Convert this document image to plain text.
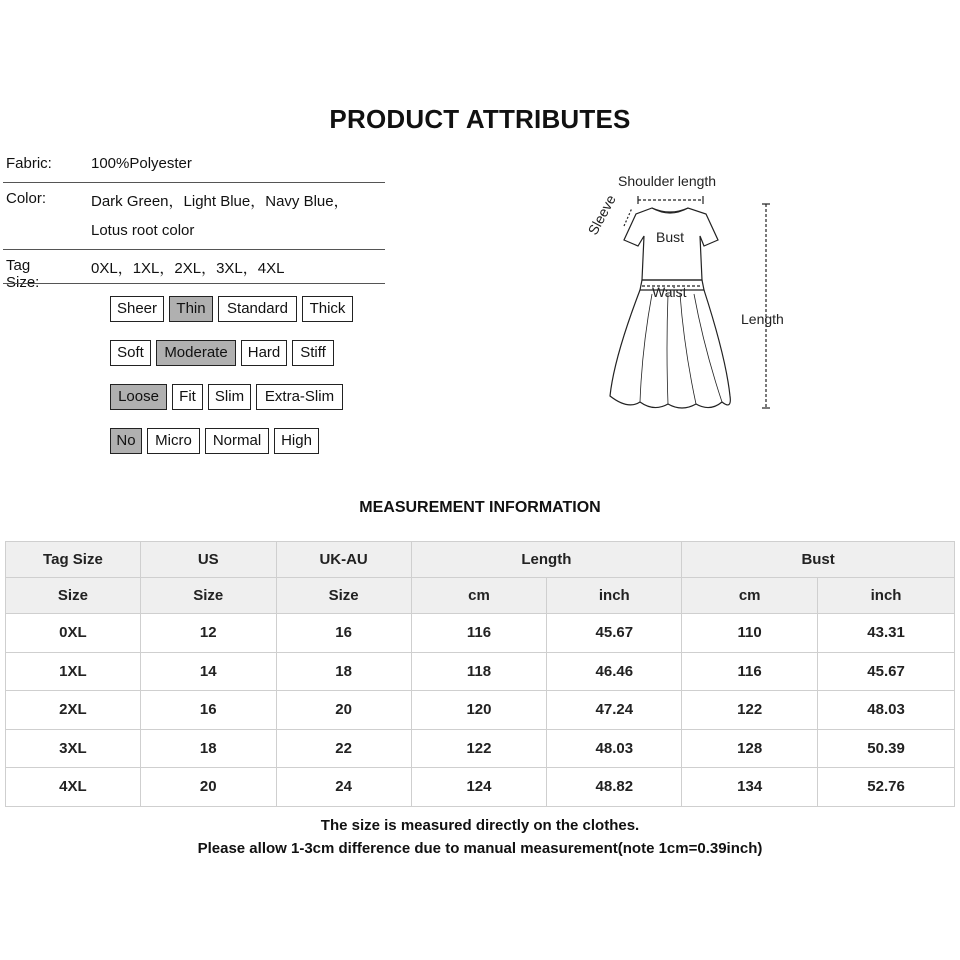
PRODUCT ATTRIBUTES
Fabric:	100%Polyester
Color:	Dark Green，Light Blue，Navy Blue，
Lotus root color
Tag Size:
0XL，1XL，2XL，3XL，4XL
Sheer	Thin	Standard	Thick
Soft	Moderate	Hard	Stiff
Loose	Fit	Slim	Extra-Slim
No	Micro	Normal	High
Shoulder length
Sleeve	Bust
Waist
Length
MEASUREMENT INFORMATION
Tag Size	US	UK-AU	Length		Bust	
Size	Size	Size	cm	inch	cm	inch
0XL	12	16	116	45.67	110	43.31
1XL	14	18	118	46.46	116	45.67
2XL	16	20	120	47.24	122	48.03
3XL	18	22	122	48.03	128	50.39
4XL	20	24	124	48.82	134	52.76
The size is measured directly on the clothes.
Please allow 1-3cm difference due to manual measurement(note 1cm=0.39inch)
